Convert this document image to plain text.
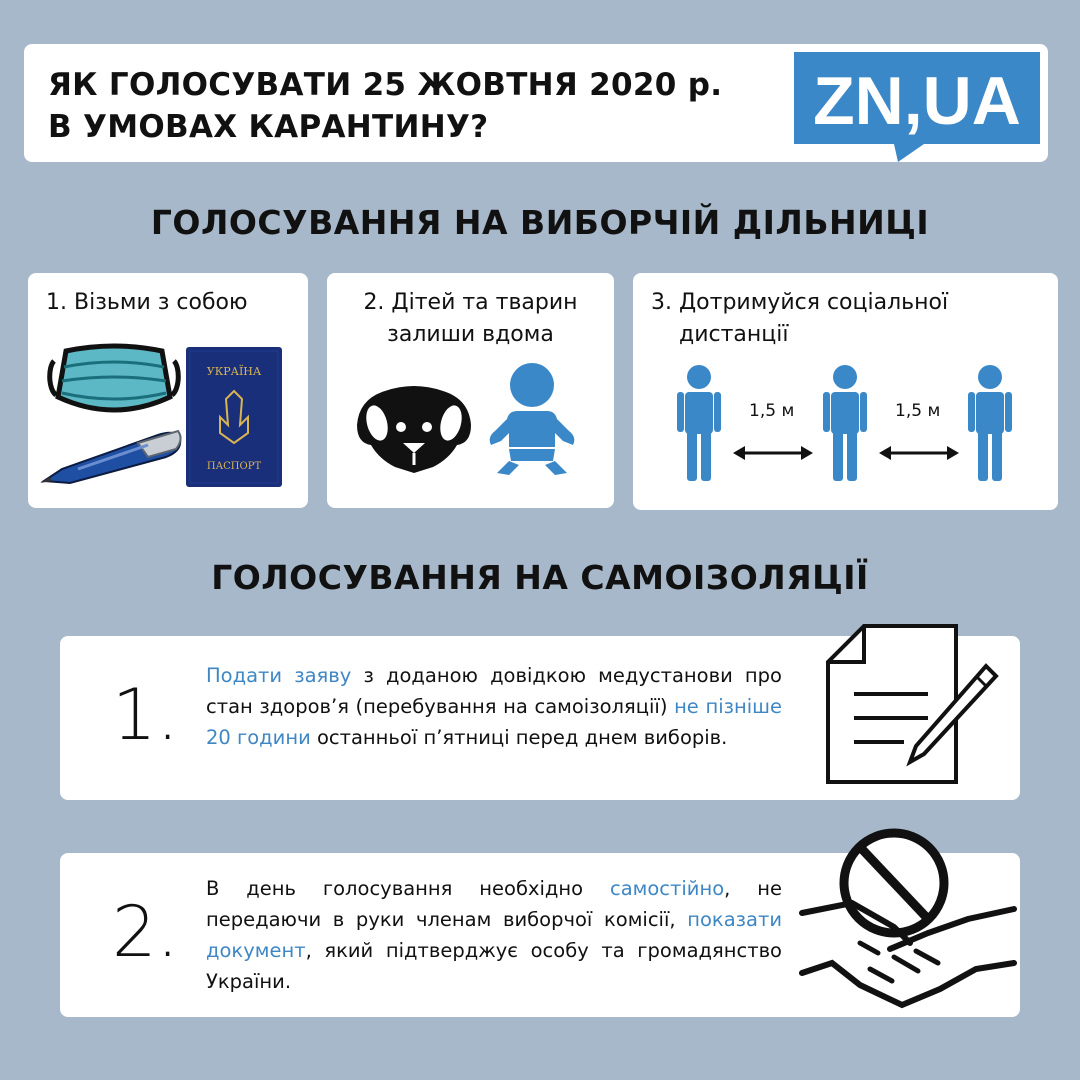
ЯК ГОЛОСУВАТИ 25 ЖОВТНЯ 2020 р.
В УМОВАХ КАРАНТИНУ?	ZN,UA
ГОЛОСУВАННЯ НА ВИБОРЧІЙ ДІЛЬНИЦІ
1. Візьми з собою
УКРАЇНА
ПАСПОРТ
2. Дітей та тварин
залиши вдома
3. Дотримуйся соціальної
дистанції
1,5 м	1,5 м
ГОЛОСУВАННЯ НА САМОІЗОЛЯЦІЇ
1. Подати заяву з доданою довідкою медустанови про стан здоров’я (перебування на самоізоляції) не пізніше 20 години останньої п’ятниці перед днем виборів.
2.
В день голосування необхідно самостійно, не передаючи в руки членам виборчої комісії, показати документ, який підтверджує особу та громадянство України.
